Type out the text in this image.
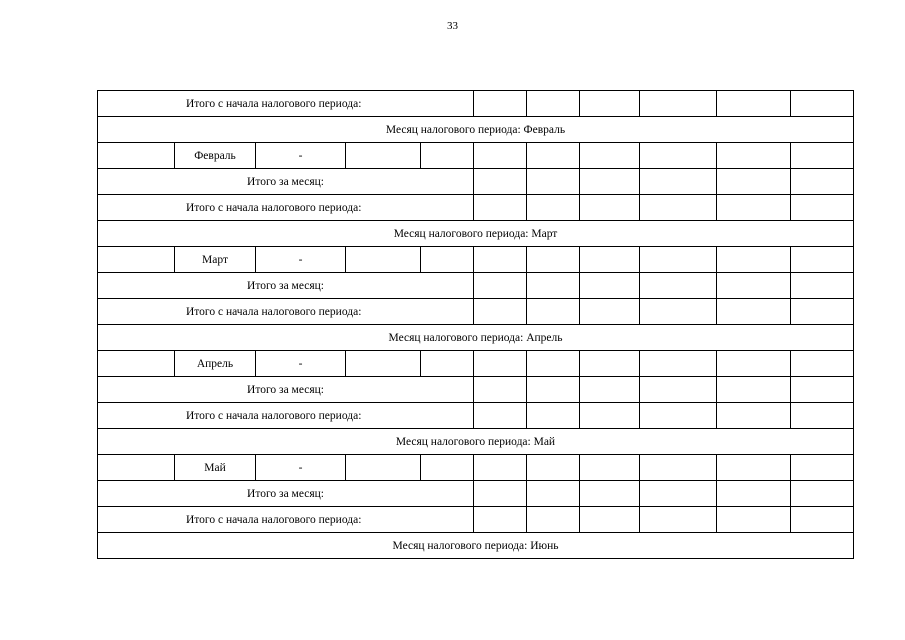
33
Итого с начала налогового периода:										
Месяц налогового периода: Февраль										
	Февраль	-								
Итого за месяц:										
Итого с начала налогового периода:										
Месяц налогового периода: Март										
	Март	-								
Итого за месяц:										
Итого с начала налогового периода:										
Месяц налогового периода: Апрель										
	Апрель	-								
Итого за месяц:										
Итого с начала налогового периода:										
Месяц налогового периода: Май										
	Май	-								
Итого за месяц:										
Итого с начала налогового периода:										
Месяц налогового периода: Июнь										
